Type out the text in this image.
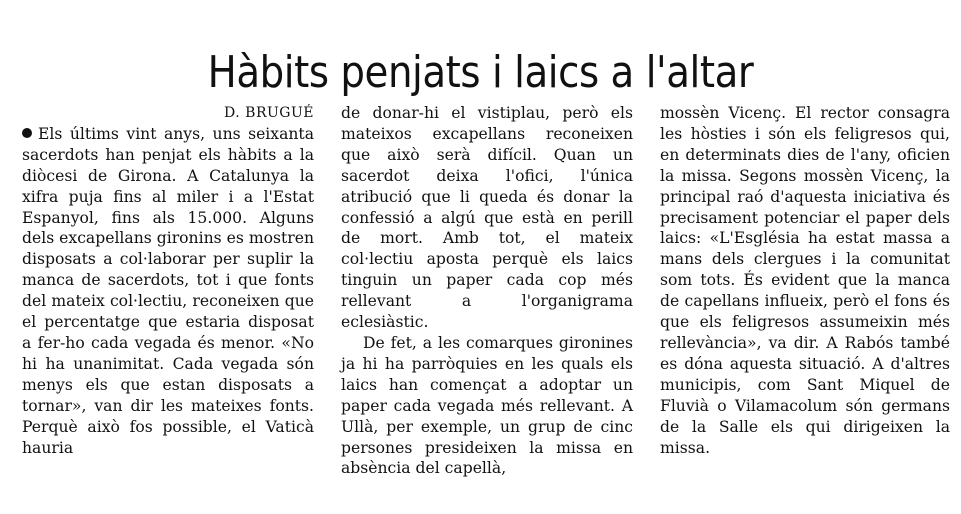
Hàbits penjats i laics a l'altar
D. BRUGUÉ

Els últims vint anys, uns seixanta sacerdots han penjat els hàbits a la diòcesi de Girona. A Catalunya la xifra puja fins al miler i a l'Estat Espanyol, fins als 15.000. Alguns dels excapellans gironins es mostren disposats a col·laborar per suplir la manca de sacerdots, tot i que fonts del mateix col·lectiu, reconeixen que el percentatge que estaria disposat a fer-ho cada vegada és menor. «No hi ha unanimitat. Cada vegada són menys els que estan disposats a tornar», van dir les mateixes fonts. Perquè això fos possible, el Vaticà hauria

de donar-hi el vistiplau, però els mateixos excapellans reconeixen que això serà difícil. Quan un sacerdot deixa l'ofici, l'única atribució que li queda és donar la confessió a algú que està en perill de mort. Amb tot, el mateix col·lectiu aposta perquè els laics tinguin un paper cada cop més rellevant a l'organigrama eclesiàstic.

De fet, a les comarques gironines ja hi ha parròquies en les quals els laics han començat a adoptar un paper cada vegada més rellevant. A Ullà, per exemple, un grup de cinc persones presideixen la missa en absència del capellà,

mossèn Vicenç. El rector consagra les hòsties i són els feligresos qui, en determinats dies de l'any, oficien la missa. Segons mossèn Vicenç, la principal raó d'aquesta iniciativa és precisament potenciar el paper dels laics: «L'Església ha estat massa a mans dels clergues i la comunitat som tots. És evident que la manca de capellans influeix, però el fons és que els feligresos assumeixin més rellevància», va dir. A Rabós també es dóna aquesta situació. A d'altres municipis, com Sant Miquel de Fluvià o Vilamacolum són germans de la Salle els qui dirigeixen la missa.
